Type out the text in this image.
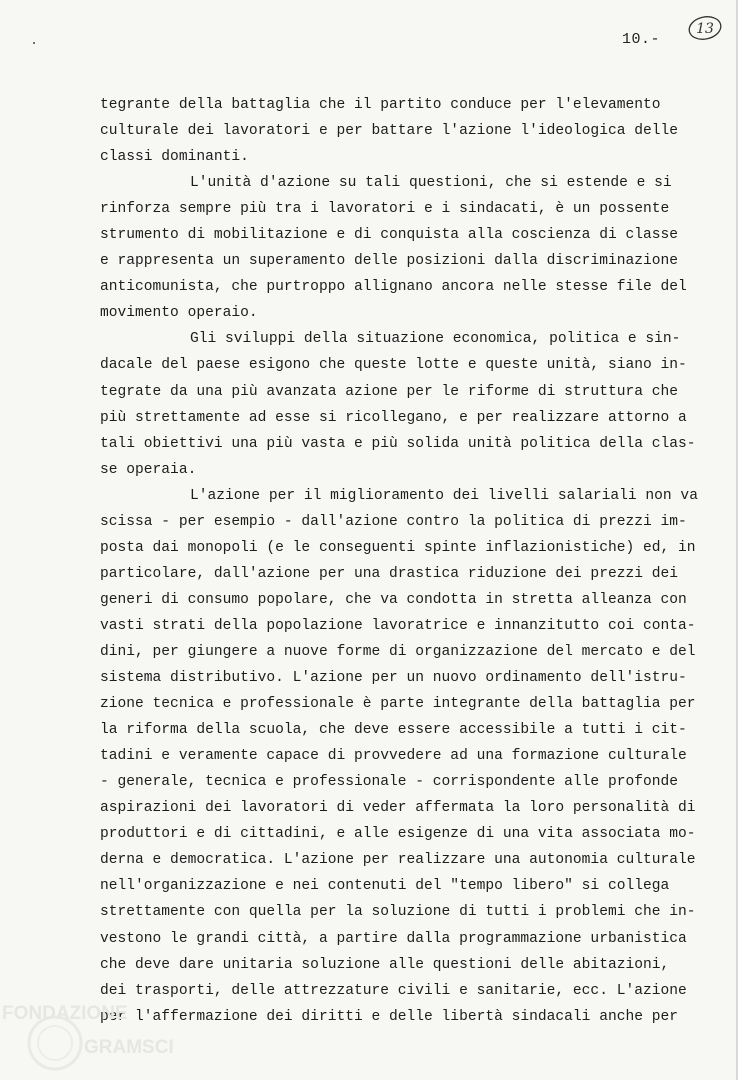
10.-
13
tegrante della battaglia che il partito conduce per l'elevamento
culturale dei lavoratori e per battare l'azione l'ideologica delle
classi dominanti.
L'unità d'azione su tali questioni, che si estende e si
rinforza sempre più tra i lavoratori e i sindacati, è un possente
strumento di mobilitazione e di conquista alla coscienza di classe
e rappresenta un superamento delle posizioni dalla discriminazione
anticomunista, che purtroppo allignano ancora nelle stesse file del
movimento operaio.
Gli sviluppi della situazione economica, politica e sin-
dacale del paese esigono che queste lotte e queste unità, siano in-
tegrate da una più avanzata azione per le riforme di struttura che
più strettamente ad esse si ricollegano, e per realizzare attorno a
tali obiettivi una più vasta e più solida unità politica della clas-
se operaia.
L'azione per il miglioramento dei livelli salariali non va
scissa - per esempio - dall'azione contro la politica di prezzi im-
posta dai monopoli (e le conseguenti spinte inflazionistiche) ed, in
particolare, dall'azione per una drastica riduzione dei prezzi dei
generi di consumo popolare, che va condotta in stretta alleanza con
vasti strati della popolazione lavoratrice e innanzitutto coi conta-
dini, per giungere a nuove forme di organizzazione del mercato e del
sistema distributivo. L'azione per un nuovo ordinamento dell'istru-
zione tecnica e professionale è parte integrante della battaglia per
la riforma della scuola, che deve essere accessibile a tutti i cit-
tadini e veramente capace di provvedere ad una formazione culturale
- generale, tecnica e professionale - corrispondente alle profonde
aspirazioni dei lavoratori di veder affermata la loro personalità di
produttori e di cittadini, e alle esigenze di una vita associata mo-
derna e democratica. L'azione per realizzare una autonomia culturale
nell'organizzazione e nei contenuti del "tempo libero" si collega
strettamente con quella per la soluzione di tutti i problemi che in-
vestono le grandi città, a partire dalla programmazione urbanistica
che deve dare unitaria soluzione alle questioni delle abitazioni,
dei trasporti, delle attrezzature civili e sanitarie, ecc. L'azione
per l'affermazione dei diritti e delle libertà sindacali anche per
FONDAZIONE
GRAMSCI
